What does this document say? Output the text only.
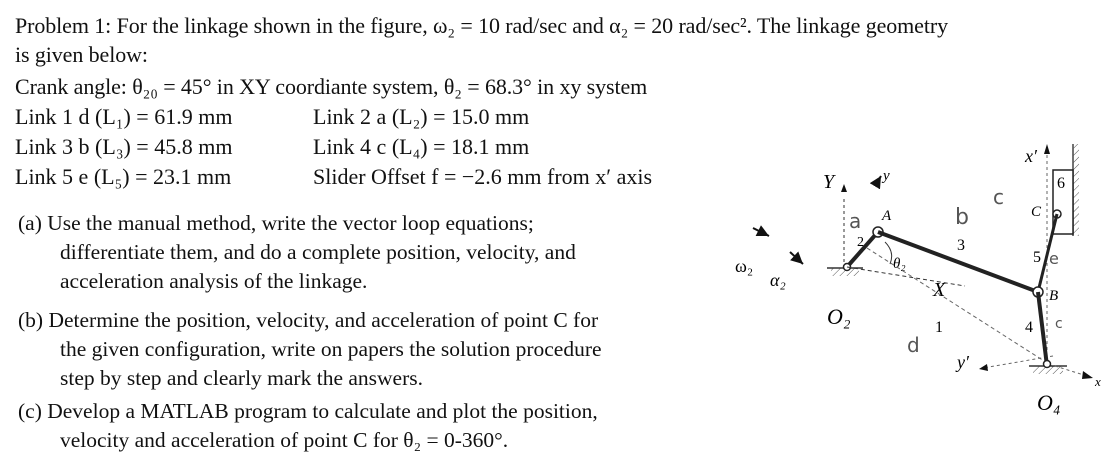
Problem 1: For the linkage shown in the figure, ω₂ = 10 rad/sec and α₂ = 20 rad/sec². The linkage geometry
is given below:
Crank angle: θ₂₀ = 45° in XY coordiante system, θ₂ = 68.3° in xy system
Link 1 d (L₁) = 61.9 mm	Link 2 a (L₂) = 15.0 mm
Link 3 b (L₃) = 45.8 mm	Link 4 c (L₄) = 18.1 mm
Link 5 e (L₅) = 23.1 mm	Slider Offset f = −2.6 mm from x′ axis
(a) Use the manual method, write the vector loop equations;
differentiate them, and do a complete position, velocity, and
acceleration analysis of the linkage.
(b) Determine the position, velocity, and acceleration of point C for
the given configuration, write on papers the solution procedure
step by step and clearly mark the answers.
(c) Develop a MATLAB program to calculate and plot the position,
velocity and acceleration of point C for θ₂ = 0-360°.
ω₂
α₂
Y	y
O₂
A
a
2
θ₂
X
1
d
b
3
y′
x′
6
C
c
5 e
B
c
4
O₄
x
